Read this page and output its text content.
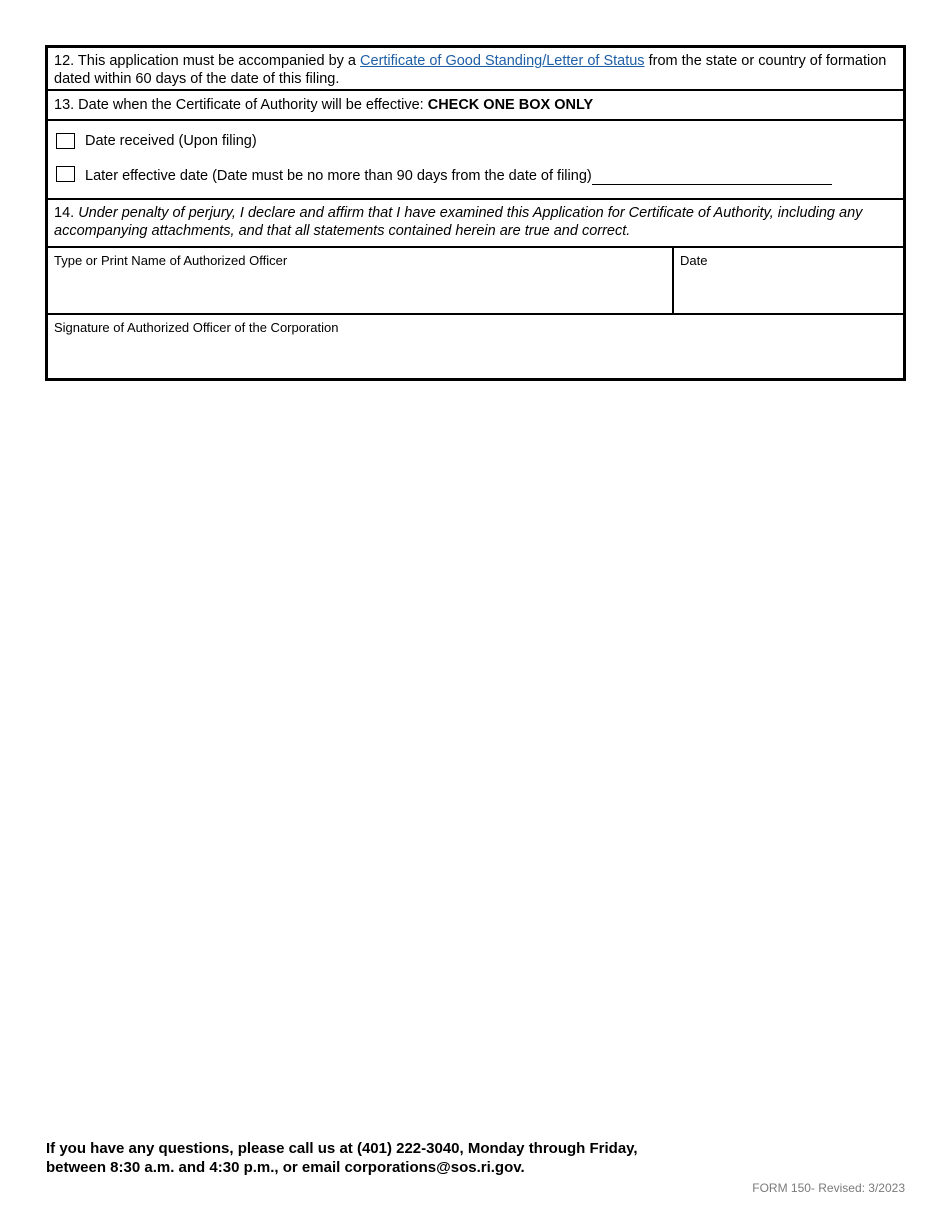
12. This application must be accompanied by a Certificate of Good Standing/Letter of Status from the state or country of formation dated within 60 days of the date of this filing.
13. Date when the Certificate of Authority will be effective: CHECK ONE BOX ONLY
Date received (Upon filing)
Later effective date (Date must be no more than 90 days from the date of filing)
14. Under penalty of perjury, I declare and affirm that I have examined this Application for Certificate of Authority, including any accompanying attachments, and that all statements contained herein are true and correct.
Type or Print Name of Authorized Officer	Date
Signature of Authorized Officer of the Corporation
If you have any questions, please call us at (401) 222-3040, Monday through Friday,
between 8:30 a.m. and 4:30 p.m., or email corporations@sos.ri.gov.
FORM 150- Revised: 3/2023
